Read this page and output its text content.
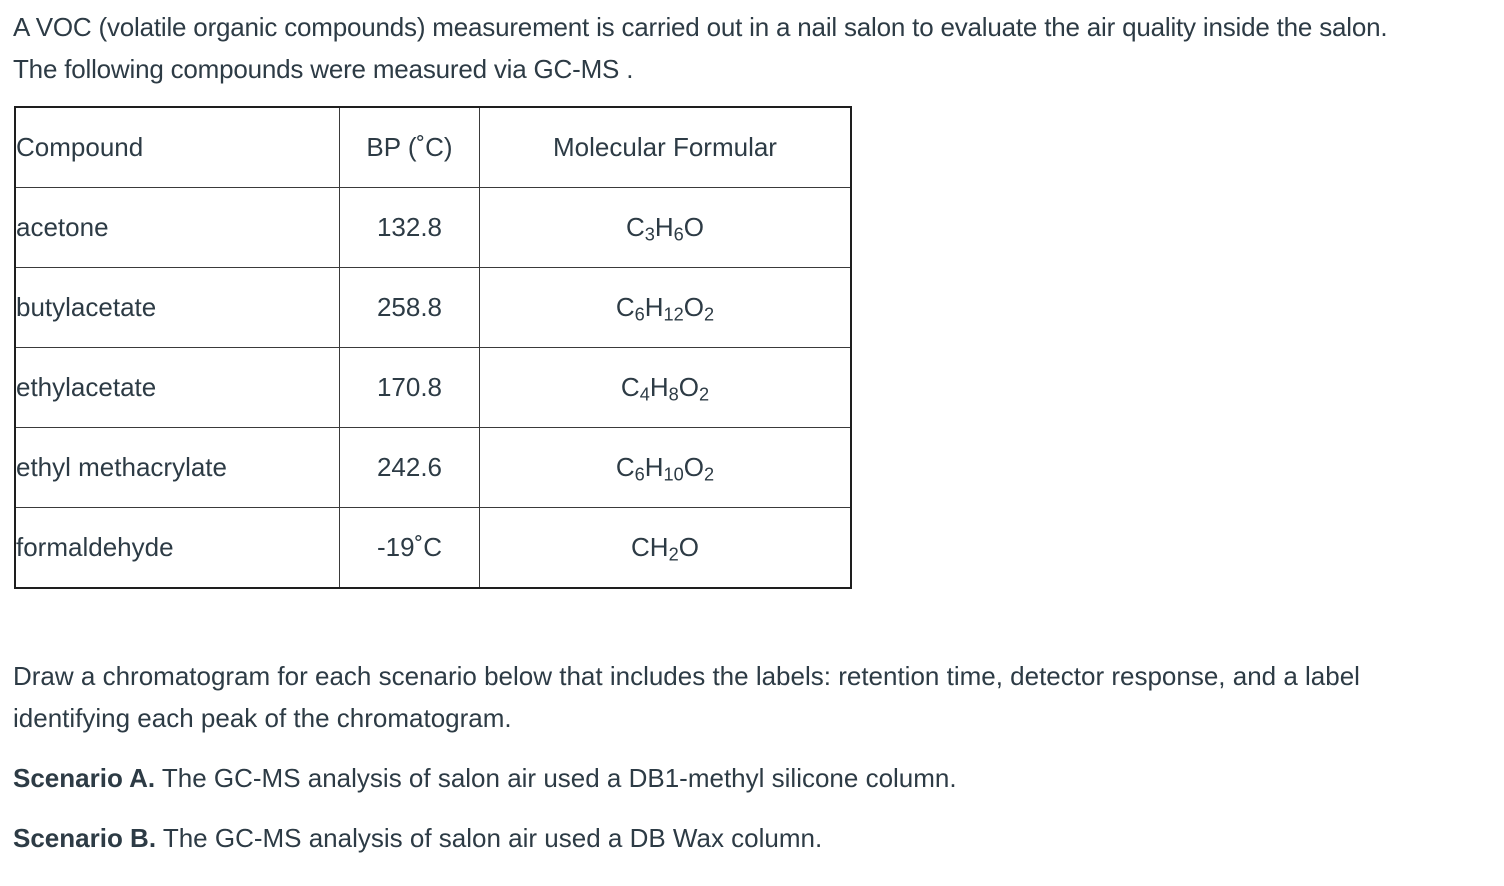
A VOC (volatile organic compounds) measurement is carried out in a nail salon to evaluate the air quality inside the salon.

The following compounds were measured via GC-MS .

Compound	BP (˚C)	Molecular Formular
acetone	132.8	$C_3H_6O$
butylacetate	258.8	$C_6H_{12}O_2$
ethylacetate	170.8	$C_4H_8O_2$
ethyl methacrylate	242.6	$C_6H_{10}O_2$
formaldehyde	-19˚C	$CH_2O$

Draw a chromatogram for each scenario below that includes the labels: retention time, detector response, and a label

identifying each peak of the chromatogram.

Scenario A. The GC-MS analysis of salon air used a DB1-methyl silicone column.
Scenario B. The GC-MS analysis of salon air used a DB Wax column.
